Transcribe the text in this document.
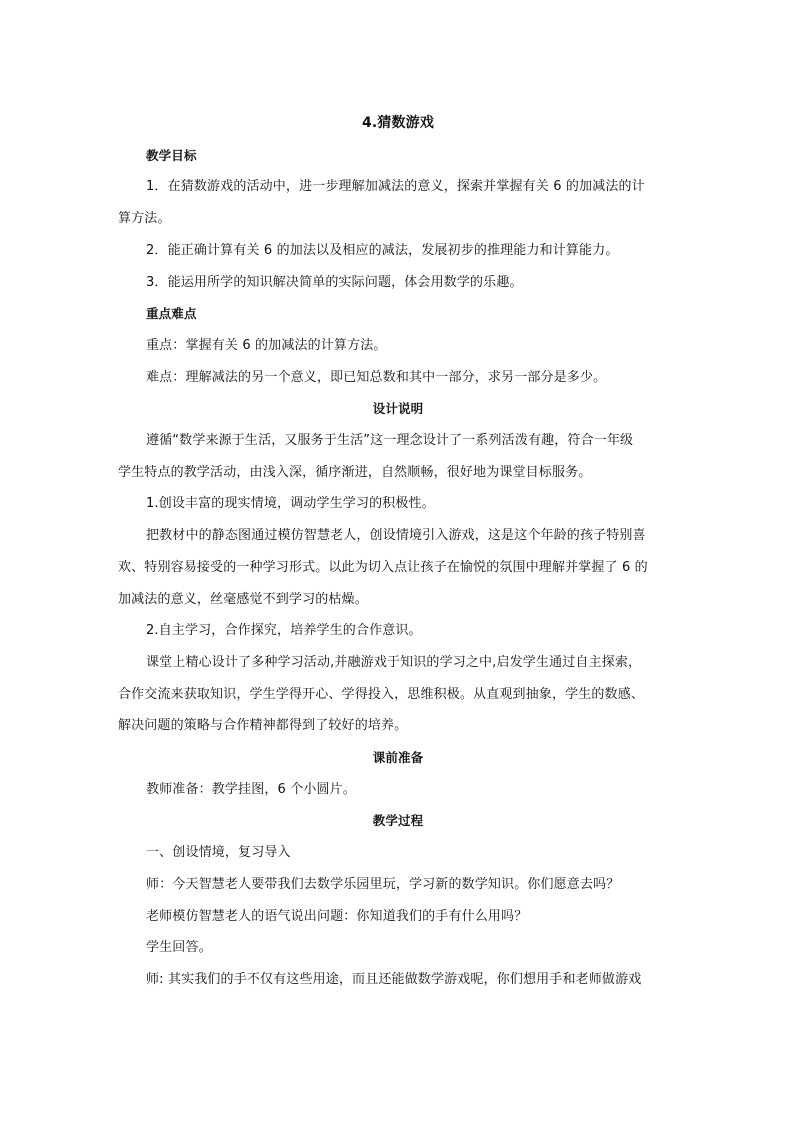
4.猜数游戏
教学目标
1．在猜数游戏的活动中，进一步理解加减法的意义，探索并掌握有关 6 的加减法的计
算方法。
2．能正确计算有关 6 的加法以及相应的减法，发展初步的推理能力和计算能力。
3．能运用所学的知识解决简单的实际问题，体会用数学的乐趣。
重点难点
重点：掌握有关 6 的加减法的计算方法。
难点：理解减法的另一个意义，即已知总数和其中一部分，求另一部分是多少。
设计说明
遵循“数学来源于生活，又服务于生活”这一理念设计了一系列活泼有趣，符合一年级
学生特点的教学活动，由浅入深，循序渐进，自然顺畅，很好地为课堂目标服务。
1.创设丰富的现实情境，调动学生学习的积极性。
把教材中的静态图通过模仿智慧老人，创设情境引入游戏，这是这个年龄的孩子特别喜
欢、特别容易接受的一种学习形式。以此为切入点让孩子在愉悦的氛围中理解并掌握了 6 的
加减法的意义，丝毫感觉不到学习的枯燥。
2.自主学习，合作探究，培养学生的合作意识。
课堂上精心设计了多种学习活动,并融游戏于知识的学习之中,启发学生通过自主探索，
合作交流来获取知识，学生学得开心、学得投入，思维积极。从直观到抽象，学生的数感、
解决问题的策略与合作精神都得到了较好的培养。
课前准备
教师准备：教学挂图，6 个小圆片。
教学过程
一、创设情境，复习导入
师：今天智慧老人要带我们去数学乐园里玩，学习新的数学知识。你们愿意去吗？
老师模仿智慧老人的语气说出问题：你知道我们的手有什么用吗？
学生回答。
师: 其实我们的手不仅有这些用途，而且还能做数学游戏呢，你们想用手和老师做游戏
